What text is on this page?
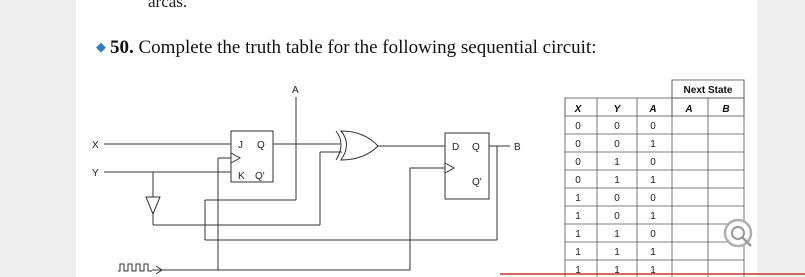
arcas.
◆ 50. Complete the truth table for the following sequential circuit:
X
Y
J Q
K Q'
A
D Q
Q'
B
Next State
X	Y	A	A	B
0	0	0
0	0	1
0	1	0
0	1	1
1	0	0
1	0	1
1	1	0
1	1	1
1	1	1
